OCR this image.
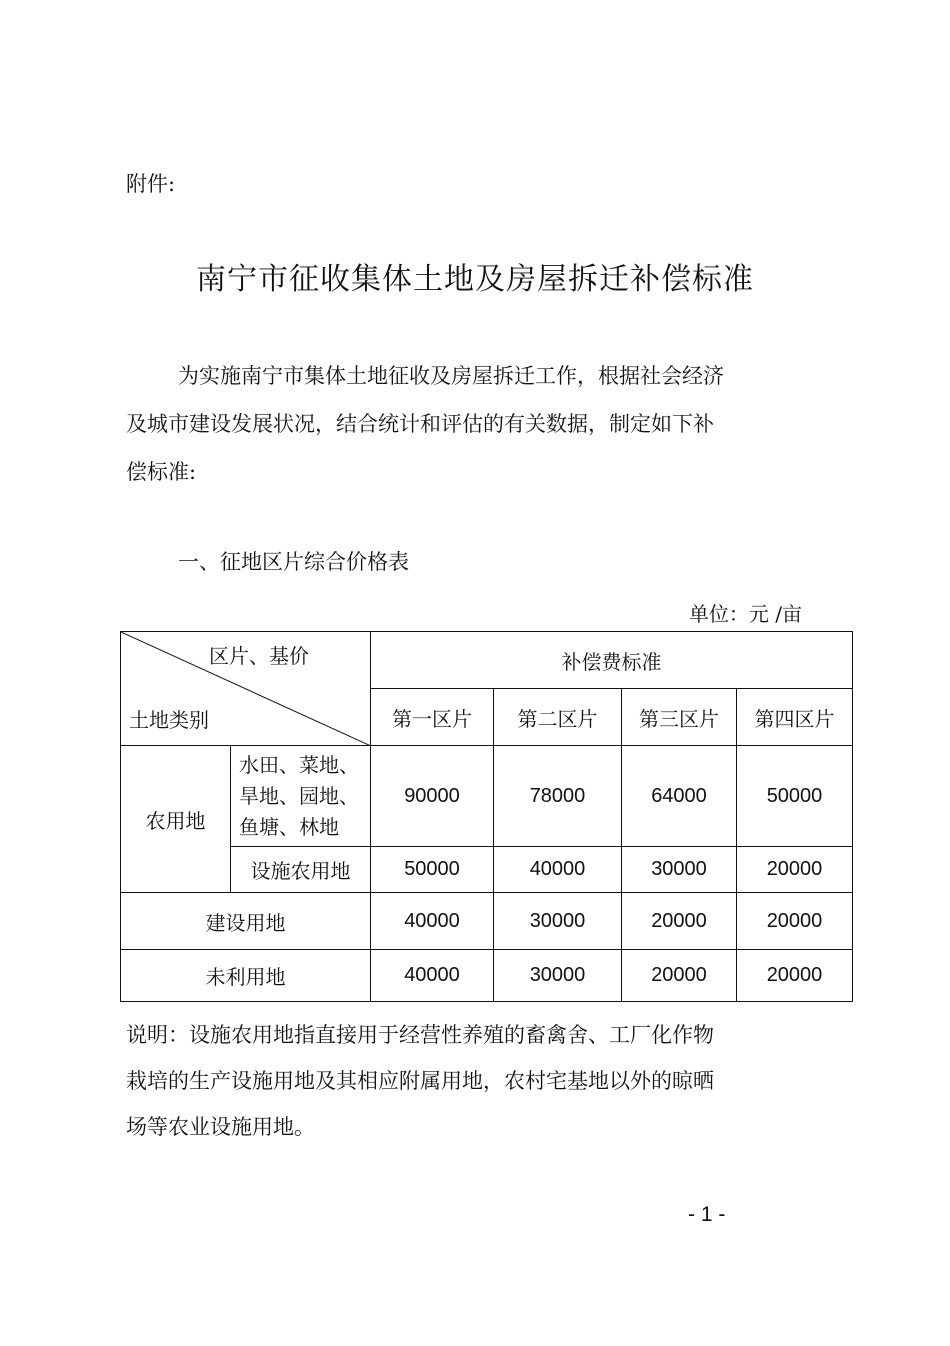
附件:
南宁市征收集体土地及房屋拆迁补偿标准
为实施南宁市集体土地征收及房屋拆迁工作，根据社会经济
及城市建设发展状况，结合统计和评估的有关数据，制定如下补
偿标准:
一、征地区片综合价格表
单位：元 /亩
区片、基价
土地类别		补偿费标准			
		第一区片	第二区片	第三区片	第四区片
农用地	水田、菜地、
旱地、园地、
鱼塘、林地	90000	78000	64000	50000
	设施农用地	50000	40000	30000	20000
建设用地		40000	30000	20000	20000
未利用地		40000	30000	20000	20000
说明：设施农用地指直接用于经营性养殖的畜禽舍、工厂化作物
栽培的生产设施用地及其相应附属用地，农村宅基地以外的晾晒
场等农业设施用地。
- 1 -
